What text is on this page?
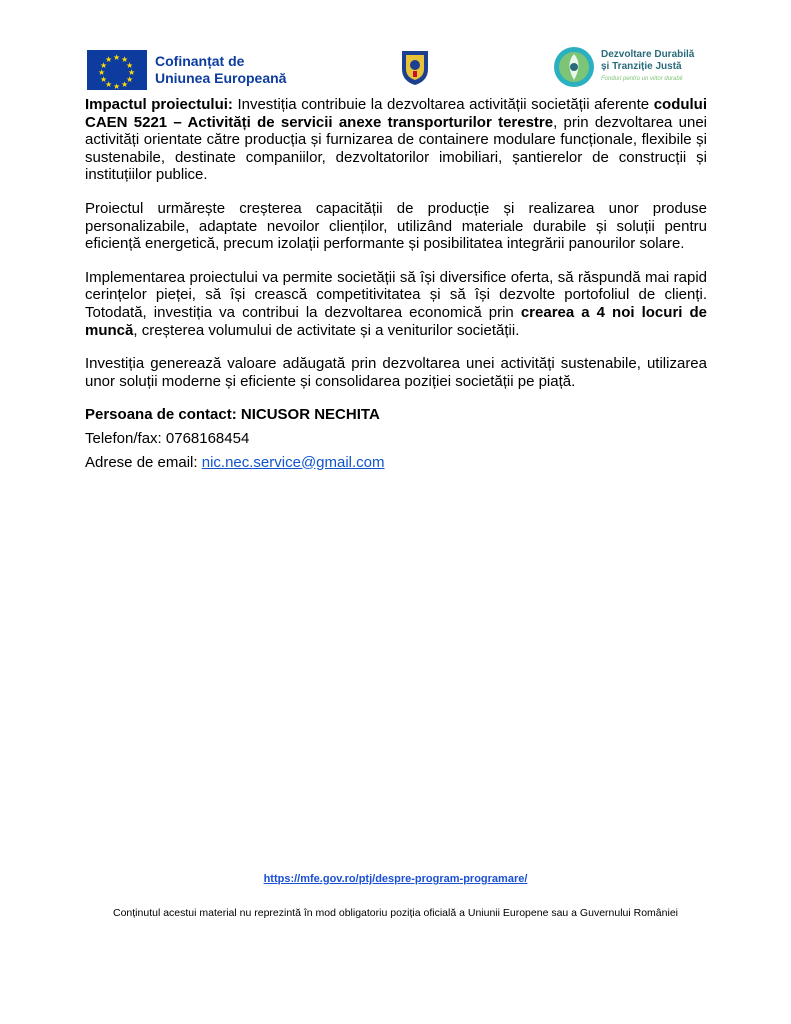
★ ★
★
★
★
★
★
★
★
★
★
★	Cofinanțat de
Uniunea Europeană
Dezvoltare Durabilă
și Tranziție Justă
Fonduri pentru un viitor durabil

Impactul proiectului: Investiția contribuie la dezvoltarea activității societății aferente codului CAEN 5221 – Activități de servicii anexe transporturilor terestre, prin dezvoltarea unei activități orientate către producția și furnizarea de containere modulare funcționale, flexibile și sustenabile, destinate companiilor, dezvoltatorilor imobiliari, șantierelor de construcții și instituțiilor publice.

Proiectul urmărește creșterea capacității de producție și realizarea unor produse personalizabile, adaptate nevoilor clienților, utilizând materiale durabile și soluții pentru eficiență energetică, precum izolații performante și posibilitatea integrării panourilor solare.

Implementarea proiectului va permite societății să își diversifice oferta, să răspundă mai rapid cerințelor pieței, să își crească competitivitatea și să își dezvolte portofoliul de clienți. Totodată, investiția va contribui la dezvoltarea economică prin crearea a 4 noi locuri de muncă, creșterea volumului de activitate și a veniturilor societății.

Investiția generează valoare adăugată prin dezvoltarea unei activități sustenabile, utilizarea unor soluții moderne și eficiente și consolidarea poziției societății pe piață.

Persoana de contact: NICUSOR NECHITA
Telefon/fax: 0768168454
Adrese de email: nic.nec.service@gmail.com
https://mfe.gov.ro/ptj/despre-program-programare/
Conținutul acestui material nu reprezintă în mod obligatoriu poziția oficială a Uniunii Europene sau a Guvernului României
